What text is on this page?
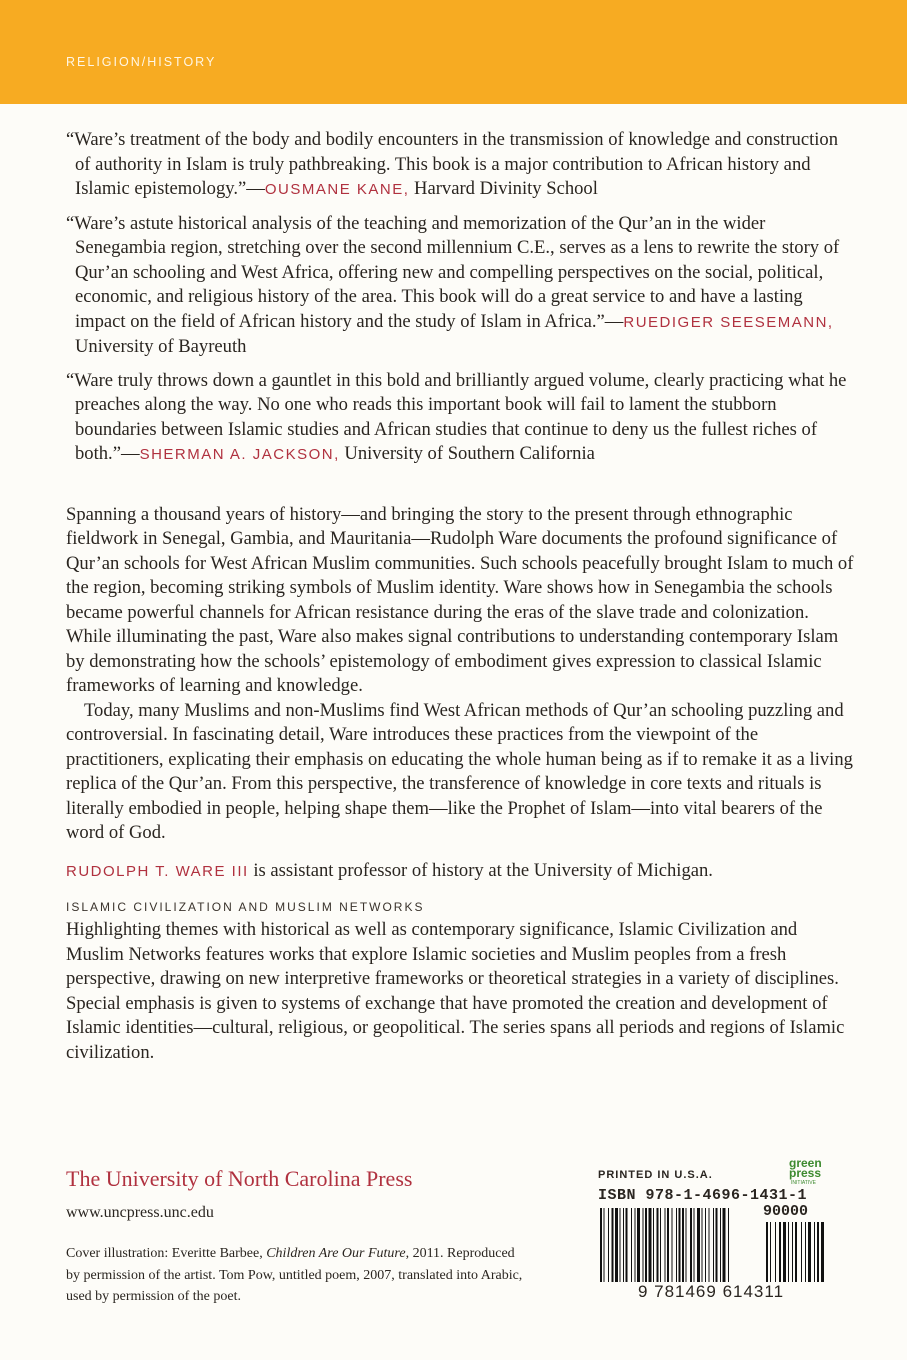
RELIGION/HISTORY

“Ware’s treatment of the body and bodily encounters in the transmission of knowledge and construction of authority in Islam is truly pathbreaking. This book is a major contribution to African history and Islamic epistemology.”—OUSMANE KANE, Harvard Divinity School

“Ware’s astute historical analysis of the teaching and memorization of the Qur’an in the wider Senegambia region, stretching over the second millennium C.E., serves as a lens to rewrite the story of Qur’an schooling and West Africa, offering new and compelling perspectives on the social, political, economic, and religious history of the area. This book will do a great service to and have a lasting impact on the field of African history and the study of Islam in Africa.”—RUEDIGER SEESEMANN, University of Bayreuth

“Ware truly throws down a gauntlet in this bold and brilliantly argued volume, clearly practicing what he preaches along the way. No one who reads this important book will fail to lament the stubborn boundaries between Islamic studies and African studies that continue to deny us the fullest riches of both.”—SHERMAN A. JACKSON, University of Southern California

Spanning a thousand years of history—and bringing the story to the present through ethnographic fieldwork in Senegal, Gambia, and Mauritania—Rudolph Ware documents the profound significance of Qur’an schools for West African Muslim communities. Such schools peacefully brought Islam to much of the region, becoming striking symbols of Muslim identity. Ware shows how in Senegambia the schools became powerful channels for African resistance during the eras of the slave trade and colonization. While illuminating the past, Ware also makes signal contributions to understanding contemporary Islam by demonstrating how the schools’ epistemology of embodiment gives expression to classical Islamic frameworks of learning and knowledge.

Today, many Muslims and non-Muslims find West African methods of Qur’an schooling puzzling and controversial. In fascinating detail, Ware introduces these practices from the viewpoint of the practitioners, explicating their emphasis on educating the whole human being as if to remake it as a living replica of the Qur’an. From this perspective, the transference of knowledge in core texts and rituals is literally embodied in people, helping shape them—like the Prophet of Islam—into vital bearers of the word of God.

RUDOLPH T. WARE III is assistant professor of history at the University of Michigan.

ISLAMIC CIVILIZATION AND MUSLIM NETWORKS

Highlighting themes with historical as well as contemporary significance, Islamic Civilization and Muslim Networks features works that explore Islamic societies and Muslim peoples from a fresh perspective, drawing on new interpretive frameworks or theoretical strategies in a variety of disciplines. Special emphasis is given to systems of exchange that have promoted the creation and development of Islamic identities—cultural, religious, or geopolitical. The series spans all periods and regions of Islamic civilization.

The University of North Carolina Press
www.uncpress.unc.edu
Cover illustration: Everitte Barbee, Children Are Our Future, 2011. Reproduced by permission of the artist. Tom Pow, untitled poem, 2007, translated into Arabic, used by permission of the poet.
PRINTED IN U.S.A.
green
press
INITIATIVE
ISBN 978-1-4696-1431-1
90000
9 781469 614311
